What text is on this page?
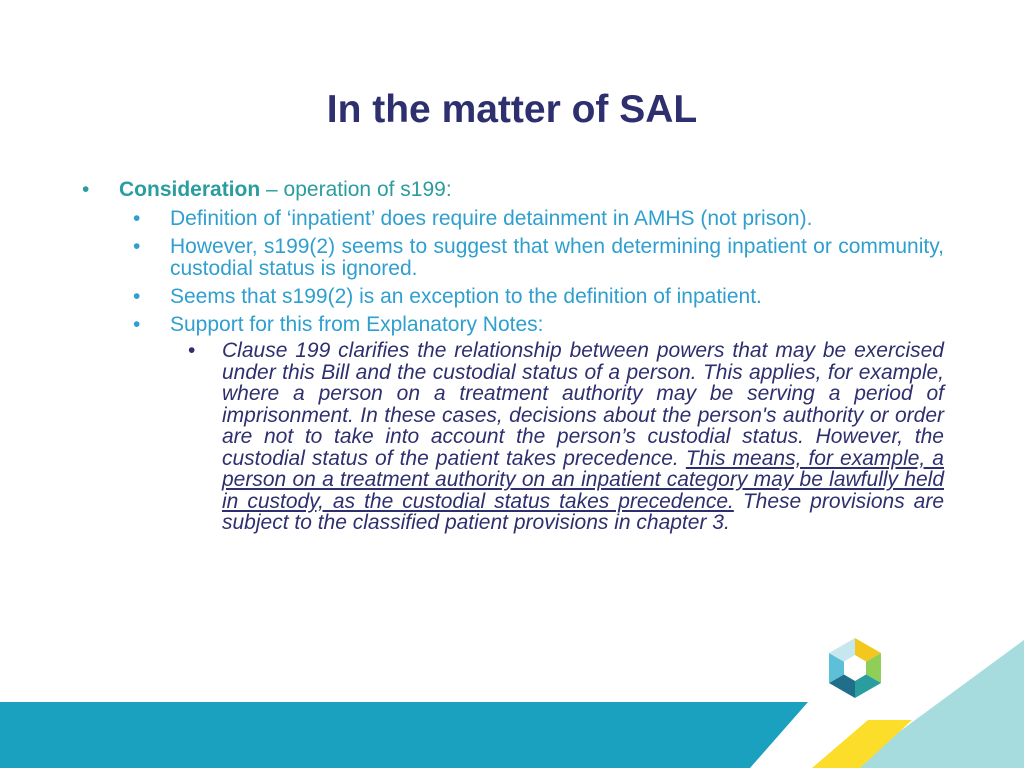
In the matter of SAL
• Consideration – operation of s199:
• Definition of ‘inpatient’ does require detainment in AMHS (not prison).
• However, s199(2) seems to suggest that when determining inpatient or community, custodial status is ignored.
• Seems that s199(2) is an exception to the definition of inpatient.
• Support for this from Explanatory Notes:
• Clause 199 clarifies the relationship between powers that may be exercised under this Bill and the custodial status of a person. This applies, for example, where a person on a treatment authority may be serving a period of imprisonment. In these cases, decisions about the person's authority or order are not to take into account the person’s custodial status. However, the custodial status of the patient takes precedence. This means, for example, a person on a treatment authority on an inpatient category may be lawfully held in custody, as the custodial status takes precedence. These provisions are subject to the classified patient provisions in chapter 3.
